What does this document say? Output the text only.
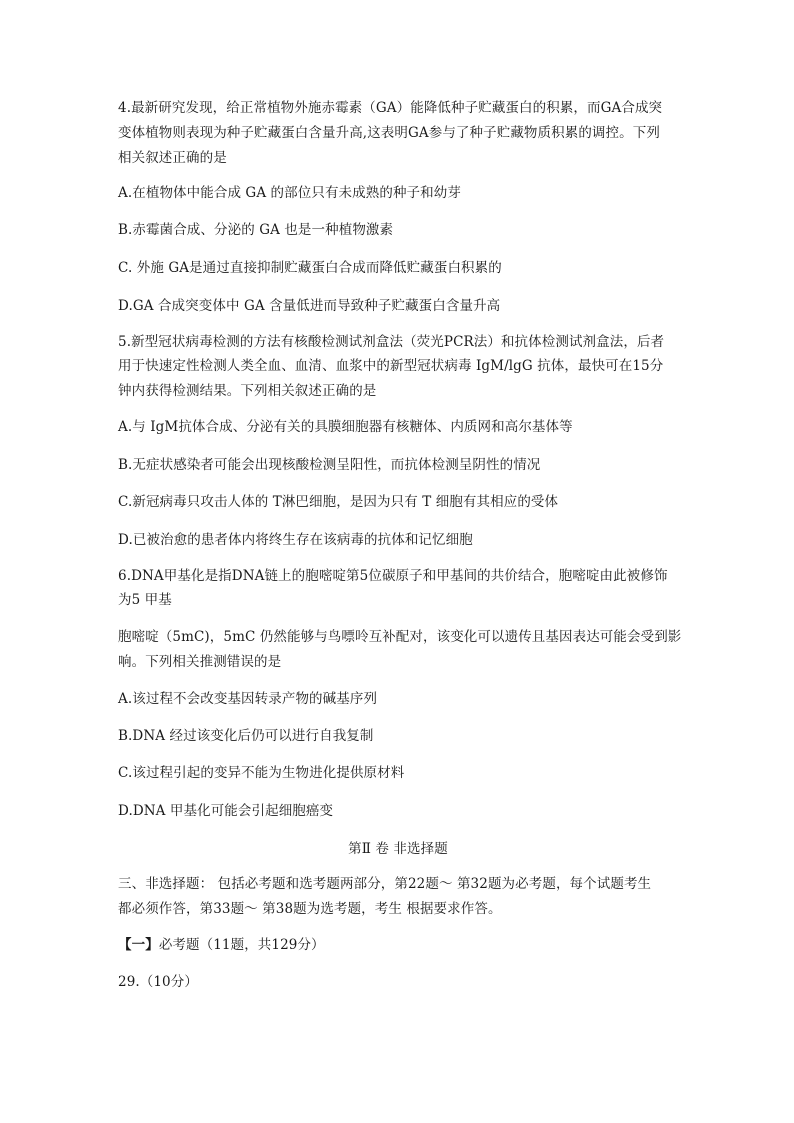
4.最新研究发现，给正常植物外施赤霉素（GA）能降低种子贮藏蛋白的积累，而GA合成突
变体植物则表现为种子贮藏蛋白含量升高,这表明GA参与了种子贮藏物质积累的调控。下列
相关叙述正确的是
A.在植物体中能合成 GA 的部位只有未成熟的种子和幼芽
B.赤霉菌合成、分泌的 GA 也是一种植物激素
C. 外施 GA是通过直接抑制贮藏蛋白合成而降低贮藏蛋白积累的
D.GA 合成突变体中 GA 含量低进而导致种子贮藏蛋白含量升高
5.新型冠状病毒检测的方法有核酸检测试剂盒法（荧光PCR法）和抗体检测试剂盒法，后者
用于快速定性检测人类全血、血清、血浆中的新型冠状病毒 IgM/lgG 抗体，最快可在15分
钟内获得检测结果。下列相关叙述正确的是
A.与 IgM抗体合成、分泌有关的具膜细胞器有核糖体、内质网和高尔基体等
B.无症状感染者可能会出现核酸检测呈阳性，而抗体检测呈阴性的情况
C.新冠病毒只攻击人体的 T淋巴细胞，是因为只有 T 细胞有其相应的受体
D.已被治愈的患者体内将终生存在该病毒的抗体和记忆细胞
6.DNA甲基化是指DNA链上的胞嘧啶第5位碳原子和甲基间的共价结合，胞嘧啶由此被修饰
为5 甲基
胞嘧啶（5mC)，5mC 仍然能够与鸟嘌呤互补配对，该变化可以遗传且基因表达可能会受到影
响。下列相关推测错误的是
A.该过程不会改变基因转录产物的碱基序列
B.DNA 经过该变化后仍可以进行自我复制
C.该过程引起的变异不能为生物进化提供原材料
D.DNA 甲基化可能会引起细胞癌变
第Ⅱ 卷 非选择题
三、非选择题： 包括必考题和选考题两部分，第22题～ 第32题为必考题，每个试题考生
都必须作答，第33题～ 第38题为选考题，考生 根据要求作答。
【一】必考题（11题，共129分）
29.（10分）
